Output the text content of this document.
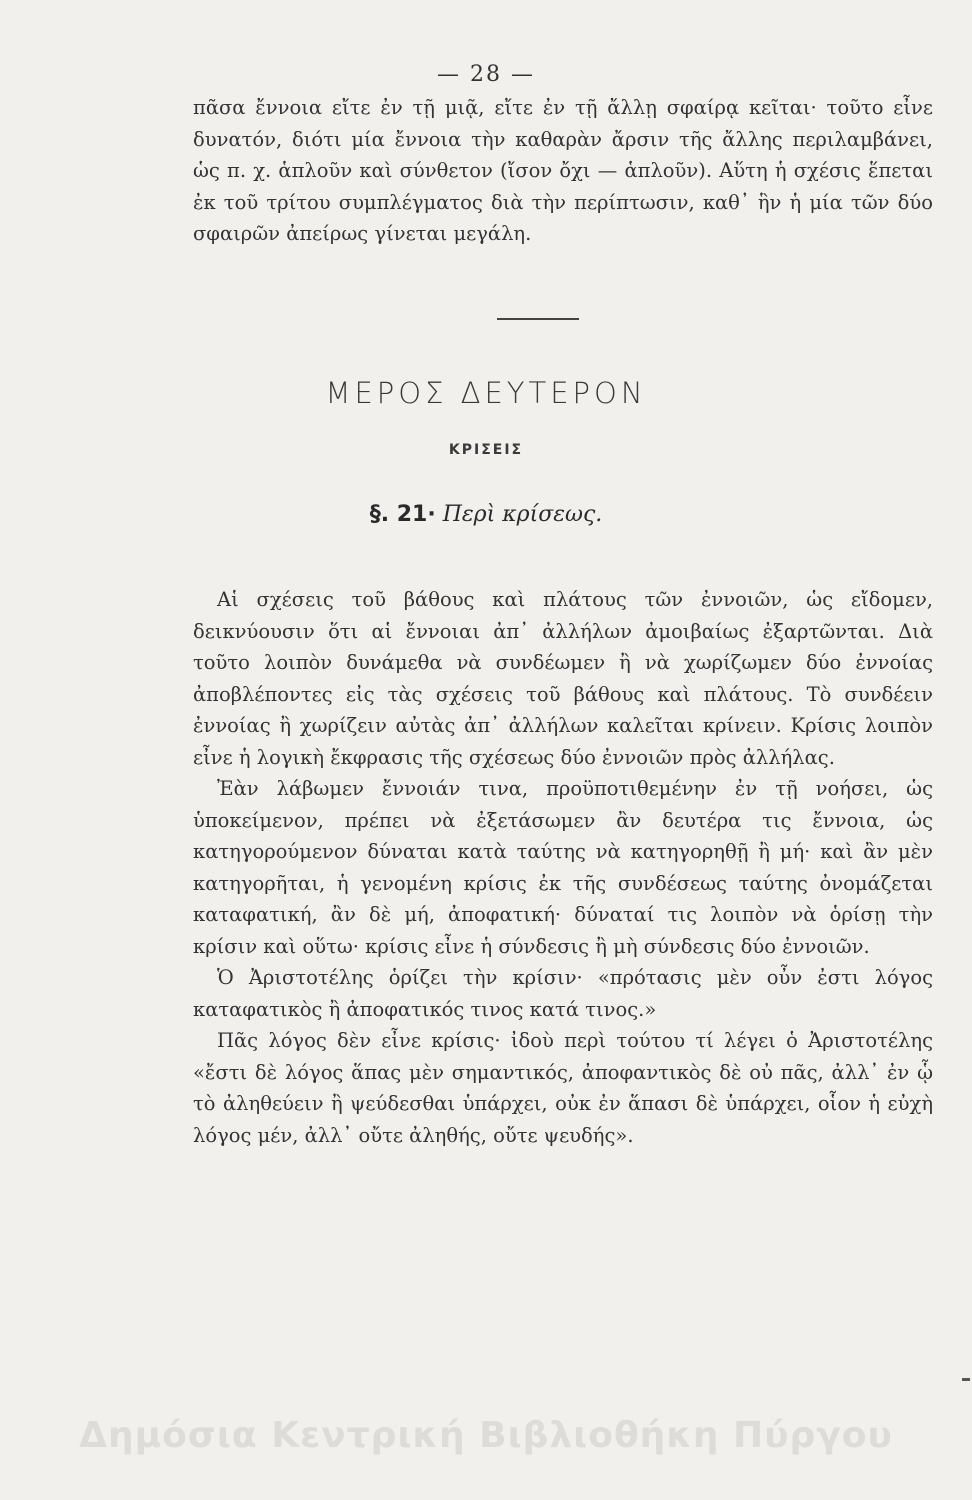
— 28 —

πᾶσα ἔννοια εἴτε ἐν τῇ μιᾷ, εἴτε ἐν τῇ ἄλλῃ σφαίρᾳ κεῖται· τοῦτο εἶνε δυνατόν, διότι μία ἔννοια τὴν καθαρὰν ἄρσιν τῆς ἄλλης περιλαμβάνει, ὡς π. χ. ἁπλοῦν καὶ σύνθετον (ἴσον ὄχι — ἁπλοῦν). Αὕτη ἡ σχέσις ἕπεται ἐκ τοῦ τρίτου συμπλέγματος διὰ τὴν περίπτωσιν, καθ᾽ ἣν ἡ μία τῶν δύο σφαιρῶν ἀπείρως γίνεται μεγάλη.

ΜΕΡΟΣ ΔΕΥΤΕΡΟΝ
ΚΡΙΣΕΙΣ
§. 21· Περὶ κρίσεως.

Αἱ σχέσεις τοῦ βάθους καὶ πλάτους τῶν ἐννοιῶν, ὡς εἴδομεν, δεικνύουσιν ὅτι αἱ ἔννοιαι ἀπ᾽ ἀλλήλων ἀμοιβαίως ἐξαρτῶνται. Διὰ τοῦτο λοιπὸν δυνάμεθα νὰ συνδέωμεν ἢ νὰ χωρίζωμεν δύο ἐννοίας ἀποβλέποντες εἰς τὰς σχέσεις τοῦ βάθους καὶ πλάτους. Τὸ συνδέειν ἐννοίας ἢ χωρίζειν αὐτὰς ἀπ᾽ ἀλλήλων καλεῖται κρίνειν. Κρίσις λοιπὸν εἶνε ἡ λογικὴ ἔκφρασις τῆς σχέσεως δύο ἐννοιῶν πρὸς ἀλλήλας.

Ἐὰν λάβωμεν ἔννοιάν τινα, προϋποτιθεμένην ἐν τῇ νοήσει, ὡς ὑποκείμενον, πρέπει νὰ ἐξετάσωμεν ἂν δευτέρα τις ἔννοια, ὡς κατηγορούμενον δύναται κατὰ ταύτης νὰ κατηγορηθῇ ἢ μή· καὶ ἂν μὲν κατηγορῆται, ἡ γενομένη κρίσις ἐκ τῆς συνδέσεως ταύτης ὀνομάζεται καταφατική, ἂν δὲ μή, ἀποφατική· δύναταί τις λοιπὸν νὰ ὁρίσῃ τὴν κρίσιν καὶ οὕτω· κρίσις εἶνε ἡ σύνδεσις ἢ μὴ σύνδεσις δύο ἐννοιῶν.

Ὁ Ἀριστοτέλης ὁρίζει τὴν κρίσιν· «πρότασις μὲν οὖν ἐστι λόγος καταφατικὸς ἢ ἀποφατικός τινος κατά τινος.»

Πᾶς λόγος δὲν εἶνε κρίσις· ἰδοὺ περὶ τούτου τί λέγει ὁ Ἀριστοτέλης «ἔστι δὲ λόγος ἅπας μὲν σημαντικός, ἀποφαντικὸς δὲ οὐ πᾶς, ἀλλ᾽ ἐν ᾧ τὸ ἀληθεύειν ἢ ψεύδεσθαι ὑπάρχει, οὐκ ἐν ἅπασι δὲ ὑπάρχει, οἷον ἡ εὐχὴ λόγος μέν, ἀλλ᾽ οὔτε ἀληθής, οὔτε ψευδής».

Δημόσια Κεντρική Βιβλιοθήκη Πύργου
